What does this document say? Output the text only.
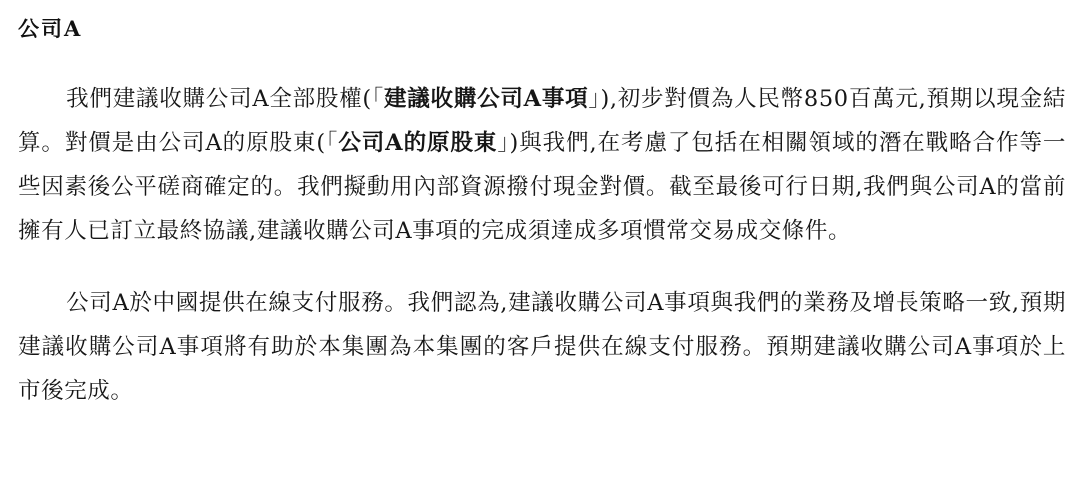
公司A

我們建議收購公司A全部股權(「建議收購公司A事項」),初步對價為人民幣850百萬元,預期以現金結算。對價是由公司A的原股東(「公司A的原股東」)與我們,在考慮了包括在相關領域的潛在戰略合作等一些因素後公平磋商確定的。我們擬動用內部資源撥付現金對價。截至最後可行日期,我們與公司A的當前擁有人已訂立最終協議,建議收購公司A事項的完成須達成多項慣常交易成交條件。

公司A於中國提供在線支付服務。我們認為,建議收購公司A事項與我們的業務及增長策略一致,預期建議收購公司A事項將有助於本集團為本集團的客戶提供在線支付服務。預期建議收購公司A事項於上市後完成。
